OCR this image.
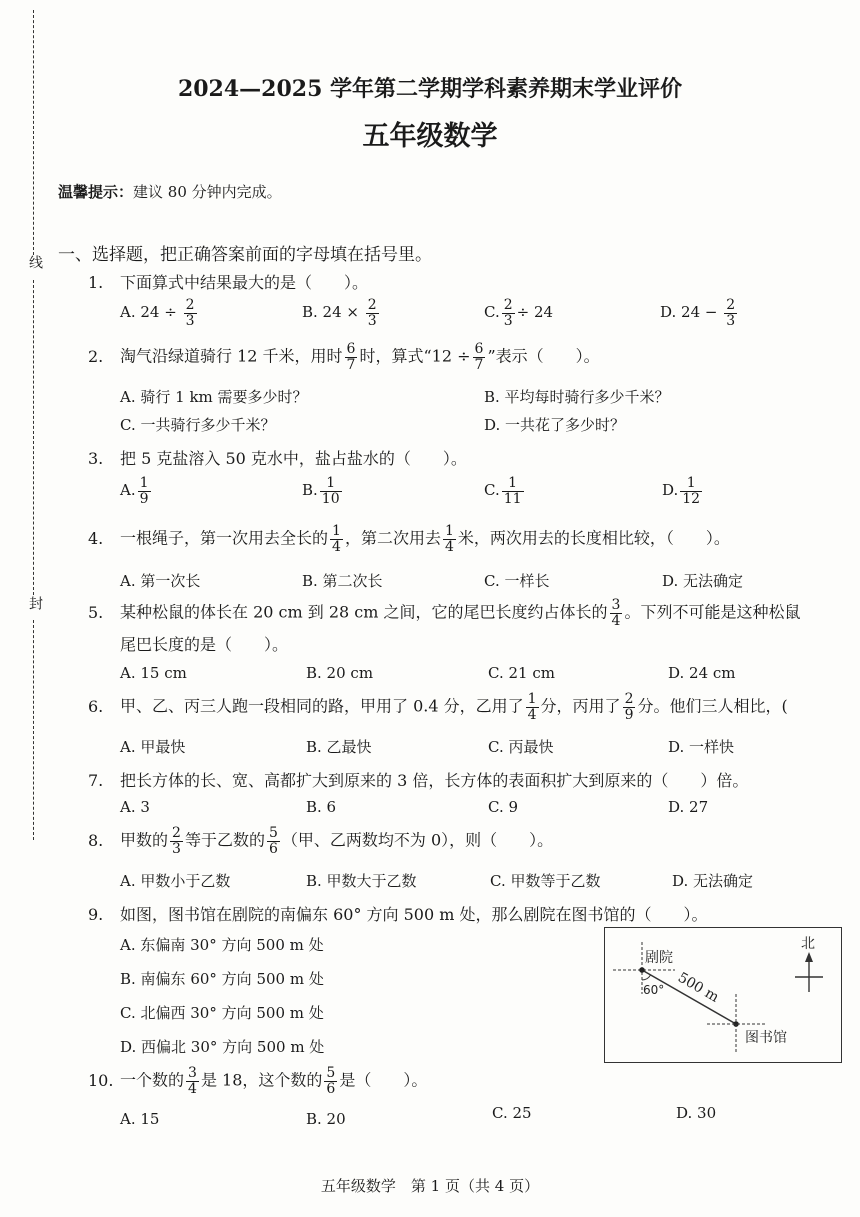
线
封
2024—2025 学年第二学期学科素养期末学业评价
五年级数学
温馨提示：建议 80 分钟内完成。
一、选择题，把正确答案前面的字母填在括号里。
1. 下面算式中结果最大的是（　　）。
A. $24 \div \frac{2}{3}$	B. $24 \times \frac{2}{3}$	C. $\frac{2}{3} \div 24$	D. $24 - \frac{2}{3}$
2. 淘气沿绿道骑行 12 千米，用时 $\frac{6}{7}$ 时，算式“$12 \div \frac{6}{7}$ ”表示（　　）。
A. 骑行 1 km 需要多少时？	B. 平均每时骑行多少千米？
C. 一共骑行多少千米？	D. 一共花了多少时？
3. 把 5 克盐溶入 50 克水中，盐占盐水的（　　）。
A. $\frac{1}{9}$	B. $\frac{1}{10}$	C. $\frac{1}{11}$	D. $\frac{1}{12}$
4. 一根绳子，第一次用去全长的 $\frac{1}{4}$ ，第二次用去 $\frac{1}{4}$ 米，两次用去的长度相比较，（　　）。
A. 第一次长	B. 第二次长	C. 一样长	D. 无法确定
5. 某种松鼠的体长在 20 cm 到 28 cm 之间，它的尾巴长度约占体长的 $\frac{3}{4}$ 。下列不可能是这种松鼠
尾巴长度的是（　　）。
A. 15 cm	B. 20 cm	C. 21 cm	D. 24 cm
6. 甲、乙、丙三人跑一段相同的路，甲用了 0.4 分，乙用了 $\frac{1}{4}$ 分，丙用了 $\frac{2}{9}$ 分。他们三人相比，(
A. 甲最快	B. 乙最快	C. 丙最快	D. 一样快
7. 把长方体的长、宽、高都扩大到原来的 3 倍，长方体的表面积扩大到原来的（　　）倍。
A. 3	B. 6	C. 9	D. 27
8. 甲数的 $\frac{2}{3}$ 等于乙数的 $\frac{5}{6}$ （甲、乙两数均不为 0），则（　　）。
A. 甲数小于乙数	B. 甲数大于乙数	C. 甲数等于乙数	D. 无法确定
9. 如图，图书馆在剧院的南偏东 60° 方向 500 m 处，那么剧院在图书馆的（　　）。
A. 东偏南 30° 方向 500 m 处
B. 南偏东 60° 方向 500 m 处
C. 北偏西 30° 方向 500 m 处
D. 西偏北 30° 方向 500 m 处
剧院
图书馆
北
60° 500 m
10. 一个数的 $\frac{3}{4}$ 是 18，这个数的 $\frac{5}{6}$ 是（　　）。
A. 15	B. 20	C. 25	D. 30
五年级数学　第 1 页（共 4 页）
